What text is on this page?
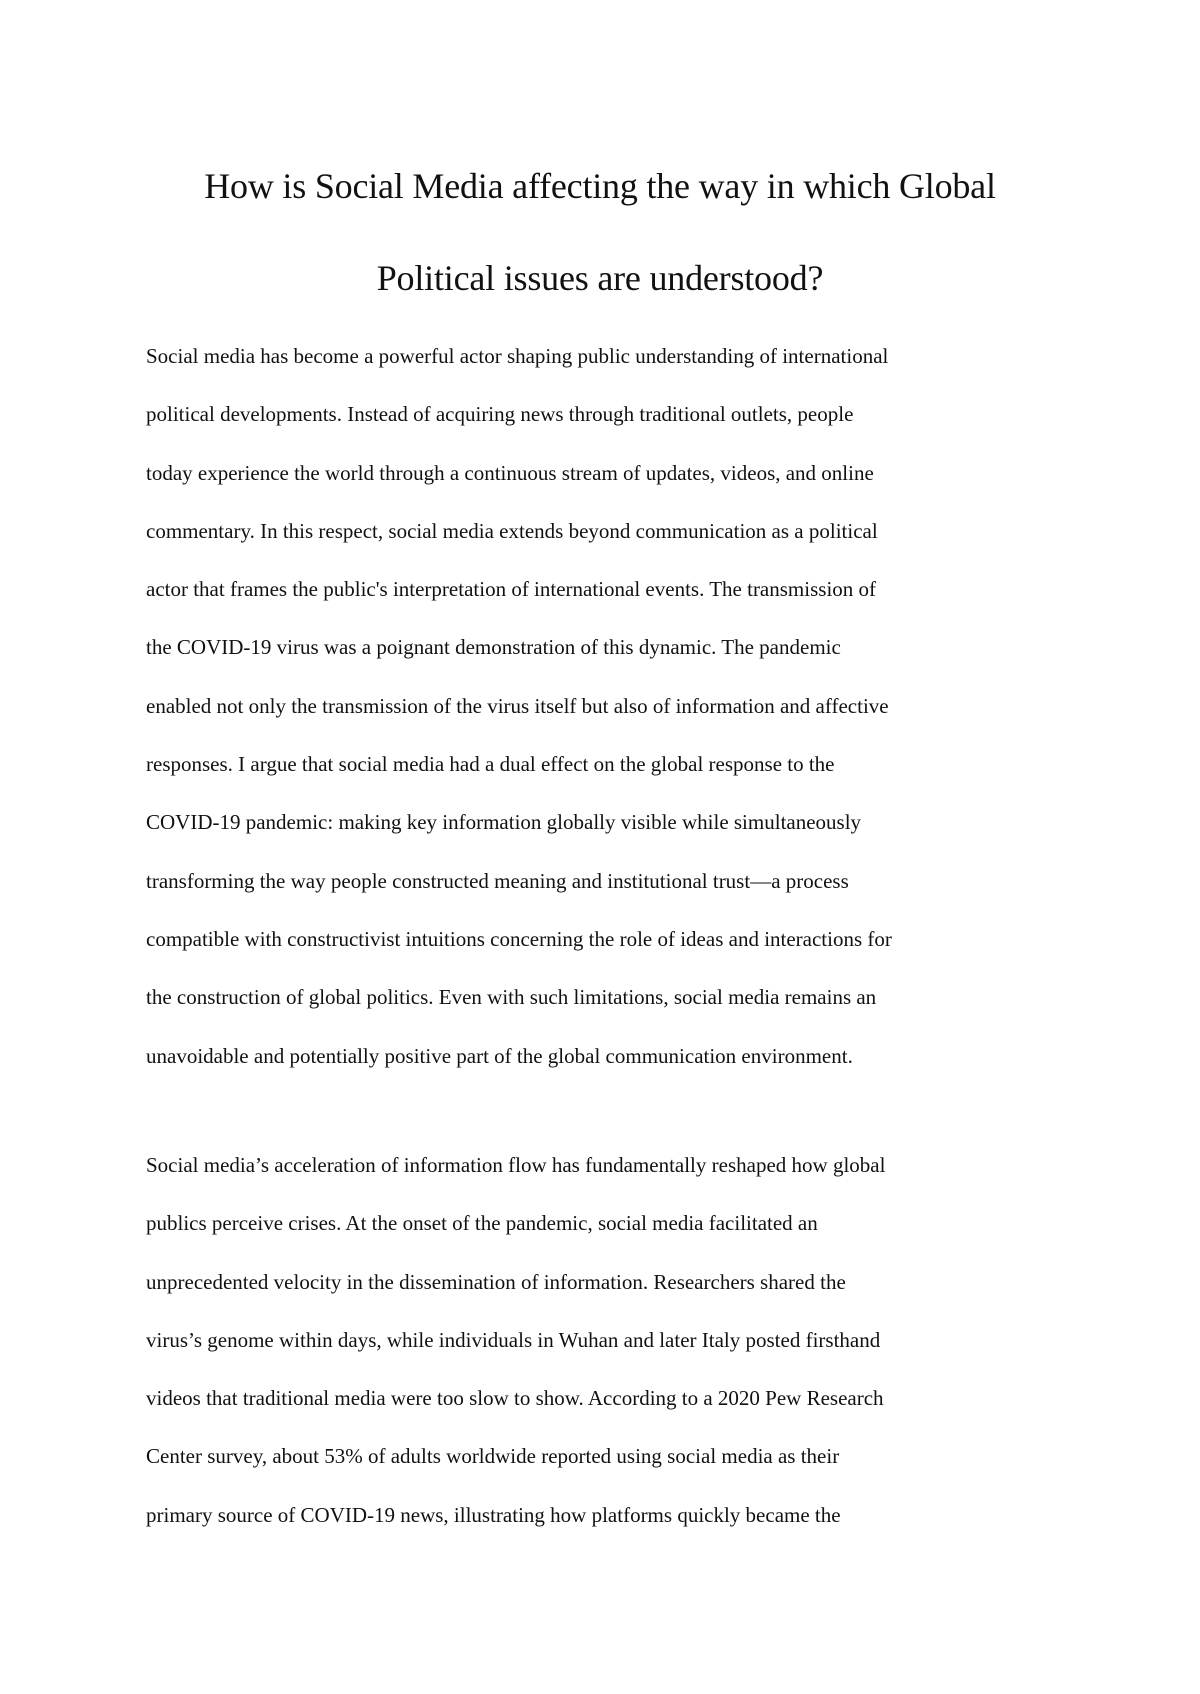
How is Social Media affecting the way in which Global
Political issues are understood?
Social media has become a powerful actor shaping public understanding of international
political developments. Instead of acquiring news through traditional outlets, people
today experience the world through a continuous stream of updates, videos, and online
commentary. In this respect, social media extends beyond communication as a political
actor that frames the public's interpretation of international events. The transmission of
the COVID-19 virus was a poignant demonstration of this dynamic. The pandemic
enabled not only the transmission of the virus itself but also of information and affective
responses. I argue that social media had a dual effect on the global response to the
COVID-19 pandemic: making key information globally visible while simultaneously
transforming the way people constructed meaning and institutional trust—a process
compatible with constructivist intuitions concerning the role of ideas and interactions for
the construction of global politics. Even with such limitations, social media remains an
unavoidable and potentially positive part of the global communication environment.
Social media’s acceleration of information flow has fundamentally reshaped how global
publics perceive crises. At the onset of the pandemic, social media facilitated an
unprecedented velocity in the dissemination of information. Researchers shared the
virus’s genome within days, while individuals in Wuhan and later Italy posted firsthand
videos that traditional media were too slow to show. According to a 2020 Pew Research
Center survey, about 53% of adults worldwide reported using social media as their
primary source of COVID-19 news, illustrating how platforms quickly became the
